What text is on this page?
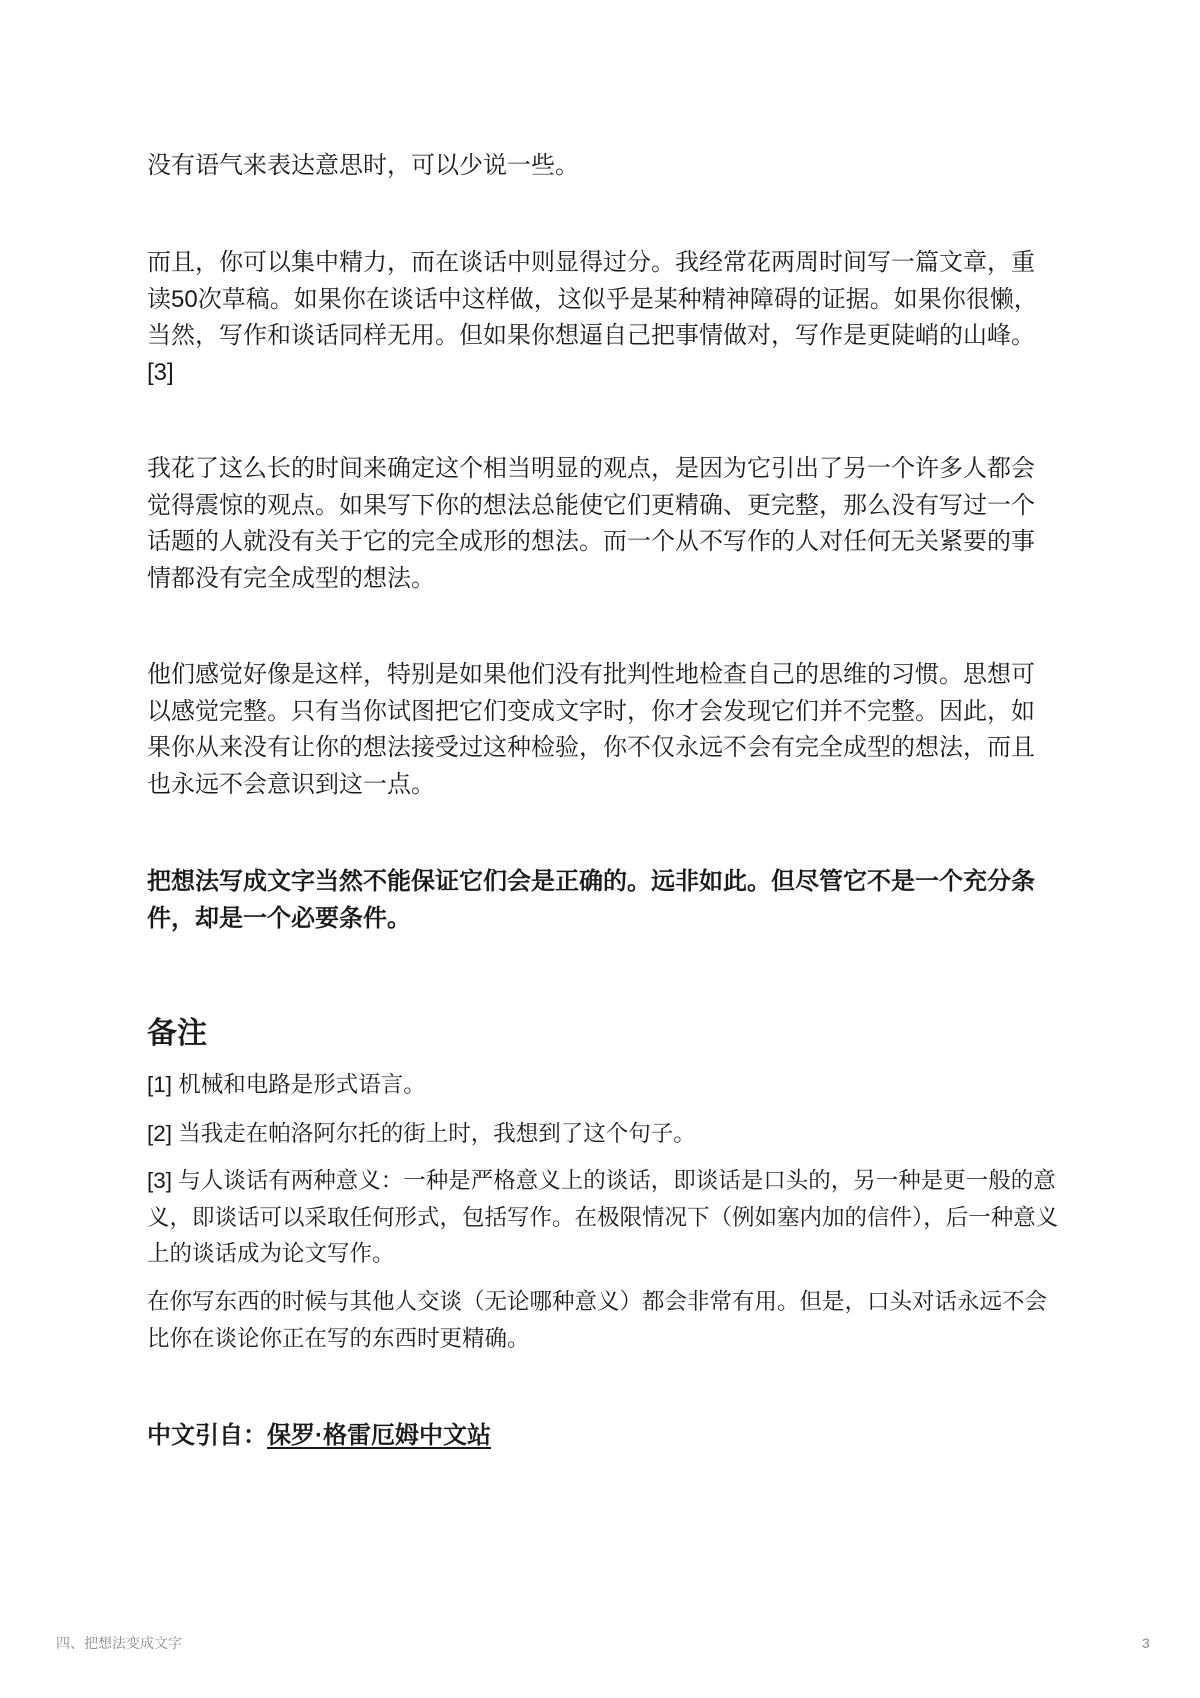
没有语气来表达意思时，可以少说一些。

而且，你可以集中精力，而在谈话中则显得过分。我经常花两周时间写一篇文章，重读50次草稿。如果你在谈话中这样做，这似乎是某种精神障碍的证据。如果你很懒，当然，写作和谈话同样无用。但如果你想逼自己把事情做对，写作是更陡峭的山峰。[3]

我花了这么长的时间来确定这个相当明显的观点，是因为它引出了另一个许多人都会觉得震惊的观点。如果写下你的想法总能使它们更精确、更完整，那么没有写过一个话题的人就没有关于它的完全成形的想法。而一个从不写作的人对任何无关紧要的事情都没有完全成型的想法。

他们感觉好像是这样，特别是如果他们没有批判性地检查自己的思维的习惯。思想可以感觉完整。只有当你试图把它们变成文字时，你才会发现它们并不完整。因此，如果你从来没有让你的想法接受过这种检验，你不仅永远不会有完全成型的想法，而且也永远不会意识到这一点。

把想法写成文字当然不能保证它们会是正确的。远非如此。但尽管它不是一个充分条件，却是一个必要条件。

备注

[1] 机械和电路是形式语言。

[2] 当我走在帕洛阿尔托的街上时，我想到了这个句子。

[3] 与人谈话有两种意义：一种是严格意义上的谈话，即谈话是口头的，另一种是更一般的意义，即谈话可以采取任何形式，包括写作。在极限情况下（例如塞内加的信件），后一种意义上的谈话成为论文写作。

在你写东西的时候与其他人交谈（无论哪种意义）都会非常有用。但是，口头对话永远不会比你在谈论你正在写的东西时更精确。

中文引自：保罗·格雷厄姆中文站

四、把想法变成文字	3
